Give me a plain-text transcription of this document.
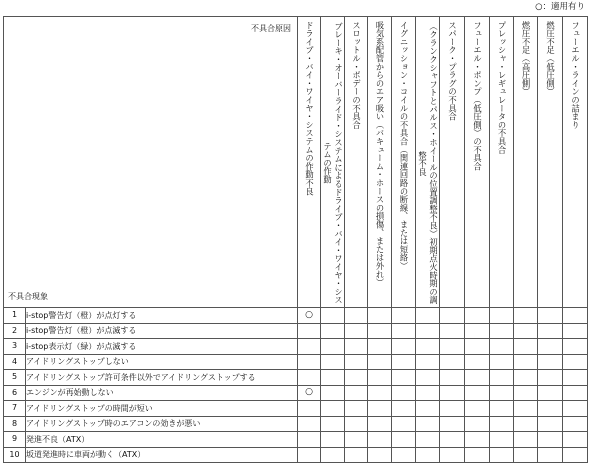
○：適用有り
不具合原因
不具合現象		ドライブ・バイ・ワイヤ・システムの作動不良	ブレーキ・オーバーライド・システムによるドライブ・バイ・ワイヤ・システムの作動	スロットル・ボデーの不具合	吸気系配管からのエア吸い（バキューム・ホースの損傷、または外れ）	イグニッション・コイルの不具合（関連回路の断線、または短絡）	（クランクシャフトとパルス・ホイールの位置調整不良）初期点火時期の調整不良	スパーク・プラグの不具合	フューエル・ポンプ（低圧側）の不具合	プレッシャ・レギュレータの不具合	燃圧不足（高圧側）	燃圧不足（低圧側）	フューエル・ラインの詰まり
1	i-stop警告灯（橙）が点灯する	○											
2	i-stop警告灯（橙）が点滅する												
3	i-stop表示灯（緑）が点滅する												
4	アイドリングストップしない												
5	アイドリングストップ許可条件以外でアイドリングストップする												
6	エンジンが再始動しない	○											
7	アイドリングストップの時間が短い												
8	アイドリングストップ時のエアコンの効きが悪い												
9	発進不良（ATX）												
10	坂道発進時に車両が動く（ATX）												
